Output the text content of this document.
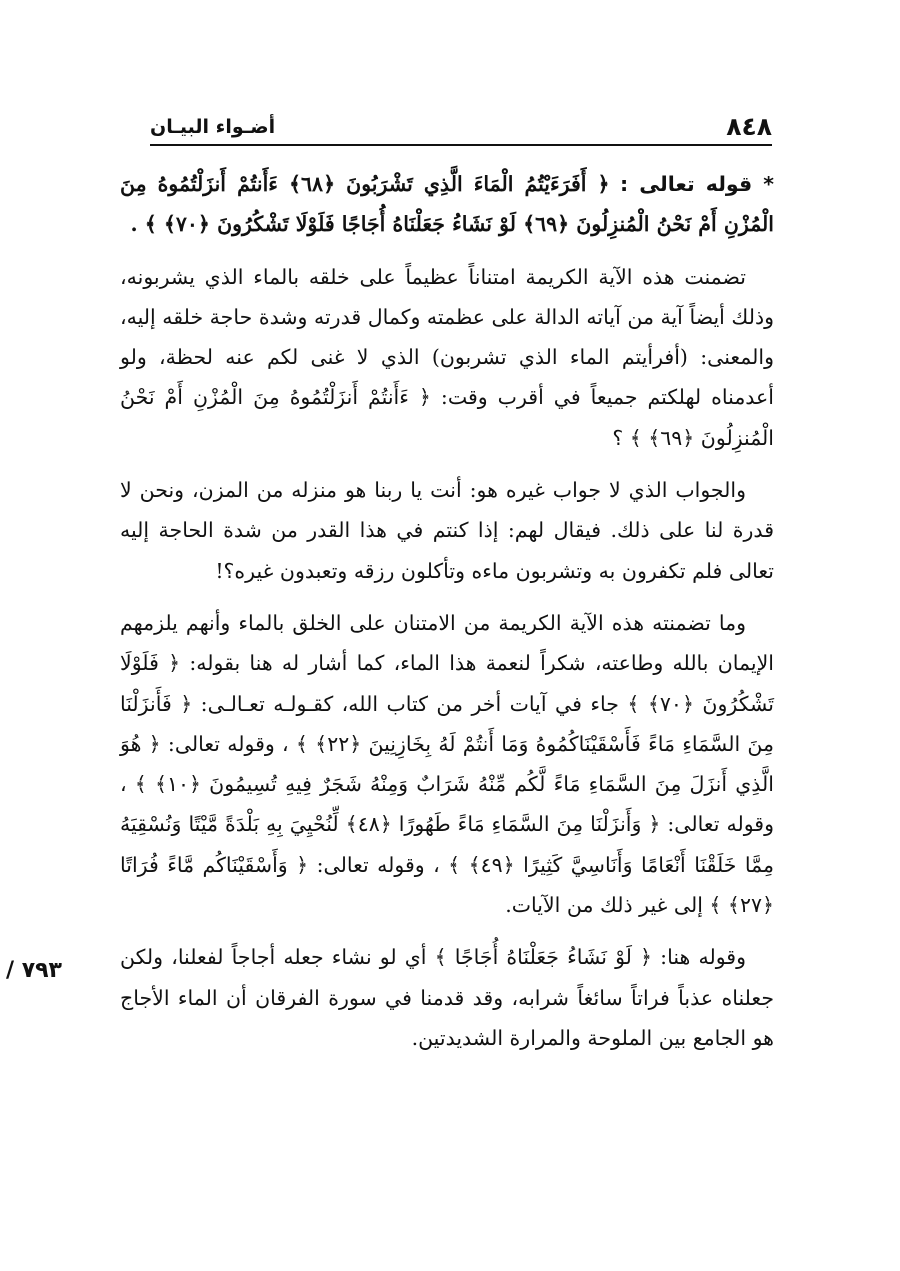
٨٤٨
أضـواء البيـان

* قوله تعالى : ﴿ أَفَرَءَيْتُمُ الْمَاءَ الَّذِي تَشْرَبُونَ ﴿٦٨﴾ ءَأَنتُمْ أَنزَلْتُمُوهُ مِنَ الْمُزْنِ أَمْ نَحْنُ الْمُنزِلُونَ ﴿٦٩﴾ لَوْ نَشَاءُ جَعَلْنَاهُ أُجَاجًا فَلَوْلَا تَشْكُرُونَ ﴿٧٠﴾ ﴾ .

تضمنت هذه الآية الكريمة امتناناً عظيماً على خلقه بالماء الذي يشربونه، وذلك أيضاً آية من آياته الدالة على عظمته وكمال قدرته وشدة حاجة خلقه إليه، والمعنى: (أفرأيتم الماء الذي تشربون) الذي لا غنى لكم عنه لحظة، ولو أعدمناه لهلكتم جميعاً في أقرب وقت: ﴿ ءَأَنتُمْ أَنزَلْتُمُوهُ مِنَ الْمُزْنِ أَمْ نَحْنُ الْمُنزِلُونَ ﴿٦٩﴾ ﴾ ؟

والجواب الذي لا جواب غيره هو: أنت يا ربنا هو منزله من المزن، ونحن لا قدرة لنا على ذلك. فيقال لهم: إذا كنتم في هذا القدر من شدة الحاجة إليه تعالى فلم تكفرون به وتشربون ماءه وتأكلون رزقه وتعبدون غيره؟!

وما تضمنته هذه الآية الكريمة من الامتنان على الخلق بالماء وأنهم يلزمهم الإيمان بالله وطاعته، شكراً لنعمة هذا الماء، كما أشار له هنا بقوله: ﴿ فَلَوْلَا تَشْكُرُونَ ﴿٧٠﴾ ﴾ جاء في آيات أخر من كتاب الله، كقـولـه تعـالـى: ﴿ فَأَنزَلْنَا مِنَ السَّمَاءِ مَاءً فَأَسْقَيْنَاكُمُوهُ وَمَا أَنتُمْ لَهُ بِخَازِنِينَ ﴿٢٢﴾ ﴾ ، وقوله تعالى: ﴿ هُوَ الَّذِي أَنزَلَ مِنَ السَّمَاءِ مَاءً لَّكُم مِّنْهُ شَرَابٌ وَمِنْهُ شَجَرٌ فِيهِ تُسِيمُونَ ﴿١٠﴾ ﴾ ، وقوله تعالى: ﴿ وَأَنزَلْنَا مِنَ السَّمَاءِ مَاءً طَهُورًا ﴿٤٨﴾ لِّنُحْيِيَ بِهِ بَلْدَةً مَّيْتًا وَنُسْقِيَهُ مِمَّا خَلَقْنَا أَنْعَامًا وَأَنَاسِيَّ كَثِيرًا ﴿٤٩﴾ ﴾ ، وقوله تعالى: ﴿ وَأَسْقَيْنَاكُم مَّاءً فُرَاتًا ﴿٢٧﴾ ﴾ إلى غير ذلك من الآيات.

وقوله هنا: ﴿ لَوْ نَشَاءُ جَعَلْنَاهُ أُجَاجًا ﴾ أي لو نشاء جعله أجاجاً لفعلنا، ولكن جعلناه عذباً فراتاً سائغاً شرابه، وقد قدمنا في سورة الفرقان أن الماء الأجاج هو الجامع بين الملوحة والمرارة الشديدتين.

٧٩٣ /
